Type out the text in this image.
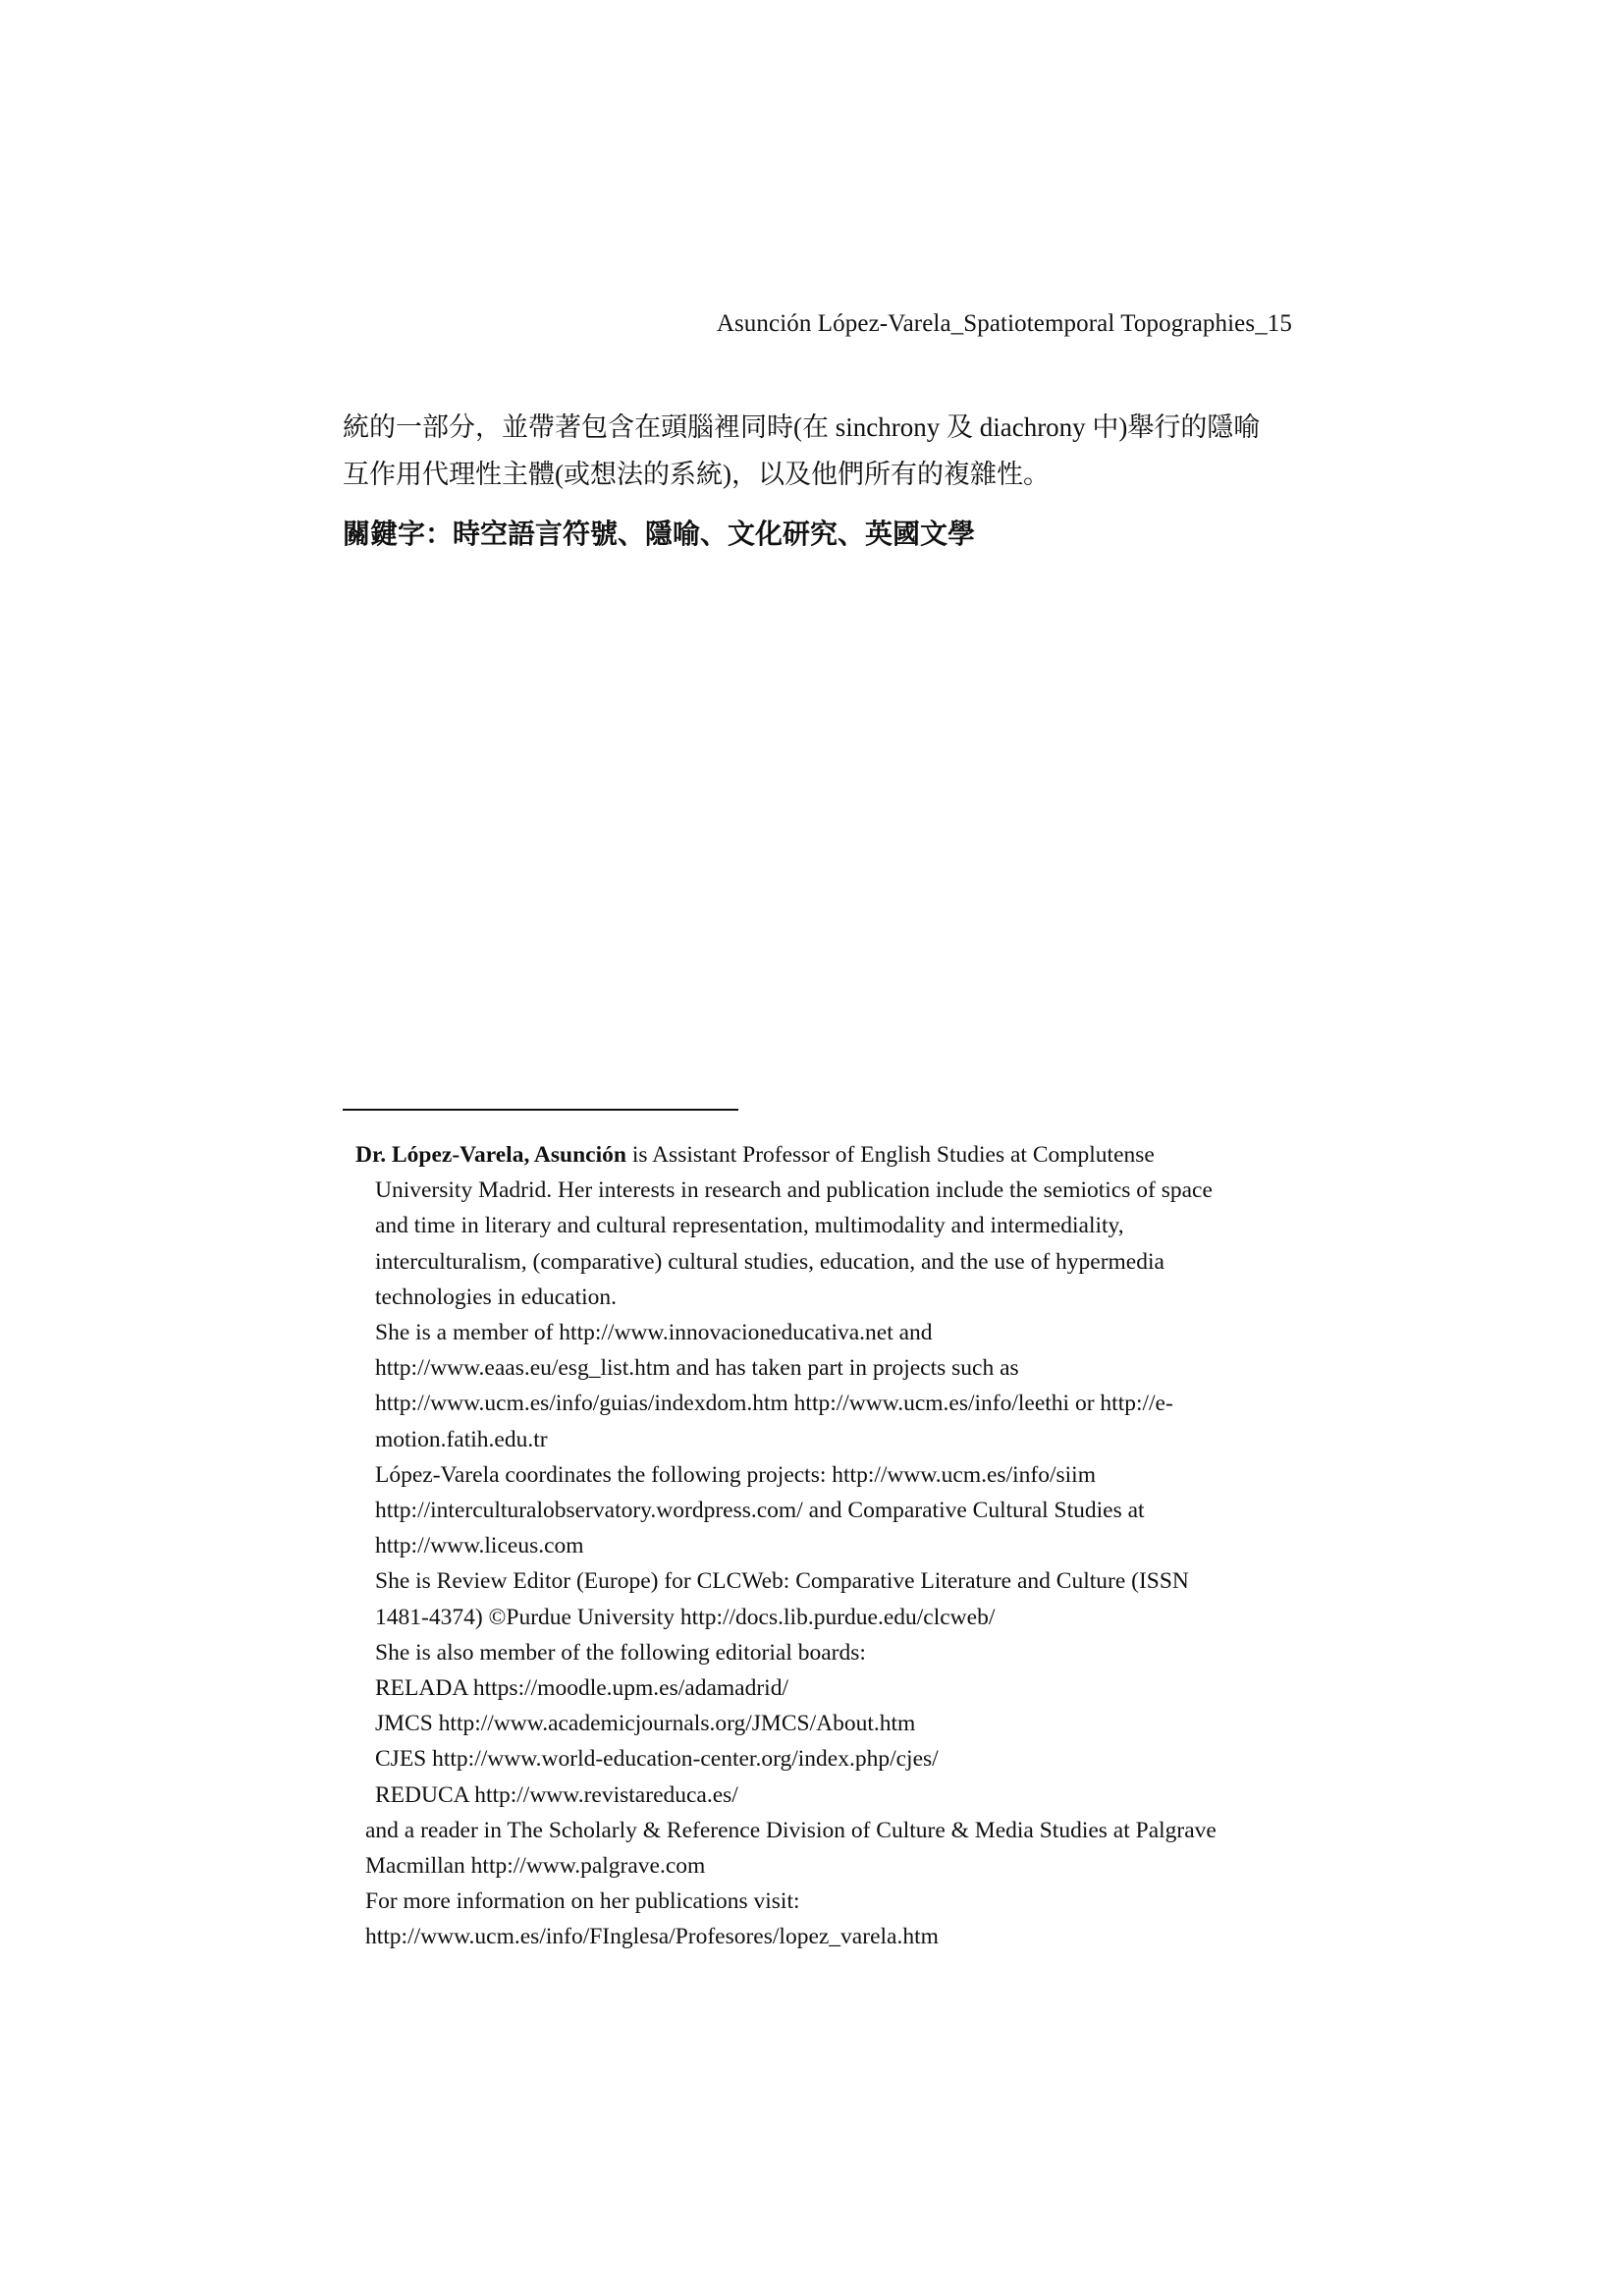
Asunción López-Varela_Spatiotemporal Topographies_15
統的一部分，並帶著包含在頭腦裡同時(在 sinchrony 及 diachrony 中)舉行的隱喻
互作用代理性主體(或想法的系統)，以及他們所有的複雜性。
關鍵字：時空語言符號、隱喻、文化研究、英國文學
Dr. López-Varela, Asunción is Assistant Professor of English Studies at Complutense
University Madrid. Her interests in research and publication include the semiotics of space
and time in literary and cultural representation, multimodality and intermediality,
interculturalism, (comparative) cultural studies, education, and the use of hypermedia
technologies in education.
She is a member of http://www.innovacioneducativa.net and
http://www.eaas.eu/esg_list.htm and has taken part in projects such as
http://www.ucm.es/info/guias/indexdom.htm http://www.ucm.es/info/leethi or http://e-
motion.fatih.edu.tr
López-Varela coordinates the following projects: http://www.ucm.es/info/siim
http://interculturalobservatory.wordpress.com/ and Comparative Cultural Studies at
http://www.liceus.com
She is Review Editor (Europe) for CLCWeb: Comparative Literature and Culture (ISSN
1481-4374) ©Purdue University http://docs.lib.purdue.edu/clcweb/
She is also member of the following editorial boards:
RELADA https://moodle.upm.es/adamadrid/
JMCS http://www.academicjournals.org/JMCS/About.htm
CJES http://www.world-education-center.org/index.php/cjes/
REDUCA http://www.revistareduca.es/
and a reader in The Scholarly & Reference Division of Culture & Media Studies at Palgrave
Macmillan http://www.palgrave.com
For more information on her publications visit:
http://www.ucm.es/info/FInglesa/Profesores/lopez_varela.htm
